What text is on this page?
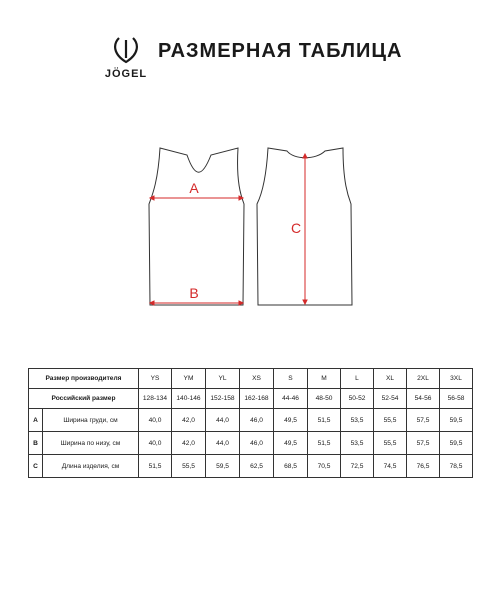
JÖGEL
РАЗМЕРНАЯ ТАБЛИЦА
A
B
C
Размер производителя		YS	YM	YL	XS	S	M	L	XL	2XL	3XL
Российский размер		128-134	140-146	152-158	162-168	44-46	48-50	50-52	52-54	54-56	56-58
A	Ширина груди, см	40,0	42,0	44,0	46,0	49,5	51,5	53,5	55,5	57,5	59,5
B	Ширина по низу, см	40,0	42,0	44,0	46,0	49,5	51,5	53,5	55,5	57,5	59,5
C	Длина изделия, см	51,5	55,5	59,5	62,5	68,5	70,5	72,5	74,5	76,5	78,5
